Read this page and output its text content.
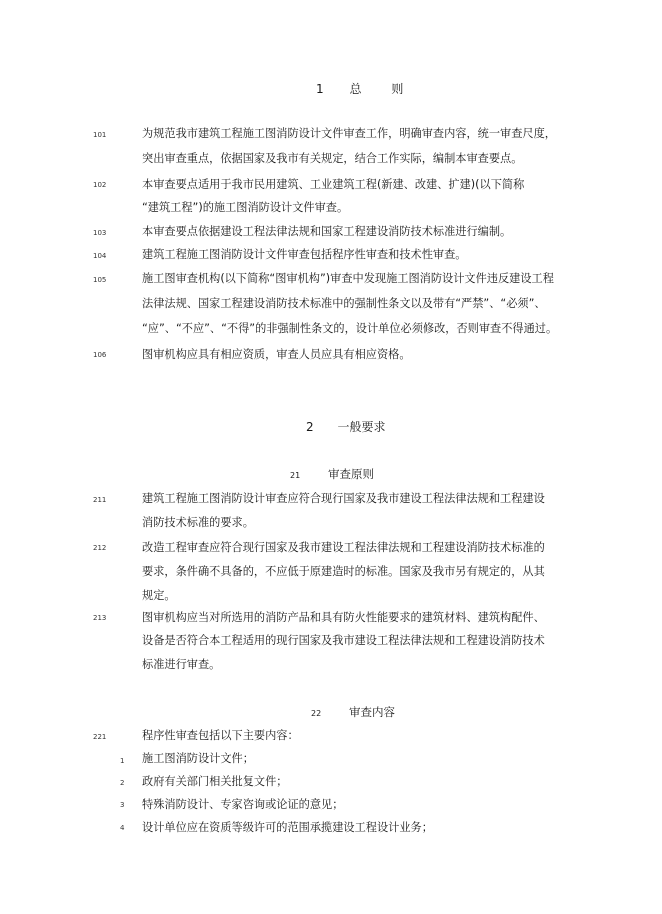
1 总 则
101	为规范我市建筑工程施工图消防设计文件审查工作，明确审查内容，统一审查尺度，
突出审查重点，依据国家及我市有关规定，结合工作实际，编制本审查要点。
102	本审查要点适用于我市民用建筑、工业建筑工程(新建、改建、扩建)(以下简称
“建筑工程”)的施工图消防设计文件审查。
103	本审查要点依据建设工程法律法规和国家工程建设消防技术标准进行编制。
104	建筑工程施工图消防设计文件审查包括程序性审查和技术性审查。
105	施工图审查机构(以下简称“图审机构”)审查中发现施工图消防设计文件违反建设工程
法律法规、国家工程建设消防技术标准中的强制性条文以及带有“严禁”、“必须”、
“应”、“不应”、“不得”的非强制性条文的，设计单位必须修改，否则审查不得通过。
106	图审机构应具有相应资质，审查人员应具有相应资格。
2 一般要求
21 审查原则
211	建筑工程施工图消防设计审查应符合现行国家及我市建设工程法律法规和工程建设
消防技术标准的要求。
212	改造工程审查应符合现行国家及我市建设工程法律法规和工程建设消防技术标准的
要求，条件确不具备的，不应低于原建造时的标准。国家及我市另有规定的，从其
规定。
213	图审机构应当对所选用的消防产品和具有防火性能要求的建筑材料、建筑构配件、
设备是否符合本工程适用的现行国家及我市建设工程法律法规和工程建设消防技术
标准进行审查。
22 审查内容
221	程序性审查包括以下主要内容：
1 施工图消防设计文件；
2 政府有关部门相关批复文件；
3 特殊消防设计、专家咨询或论证的意见；
4 设计单位应在资质等级许可的范围承揽建设工程设计业务；
